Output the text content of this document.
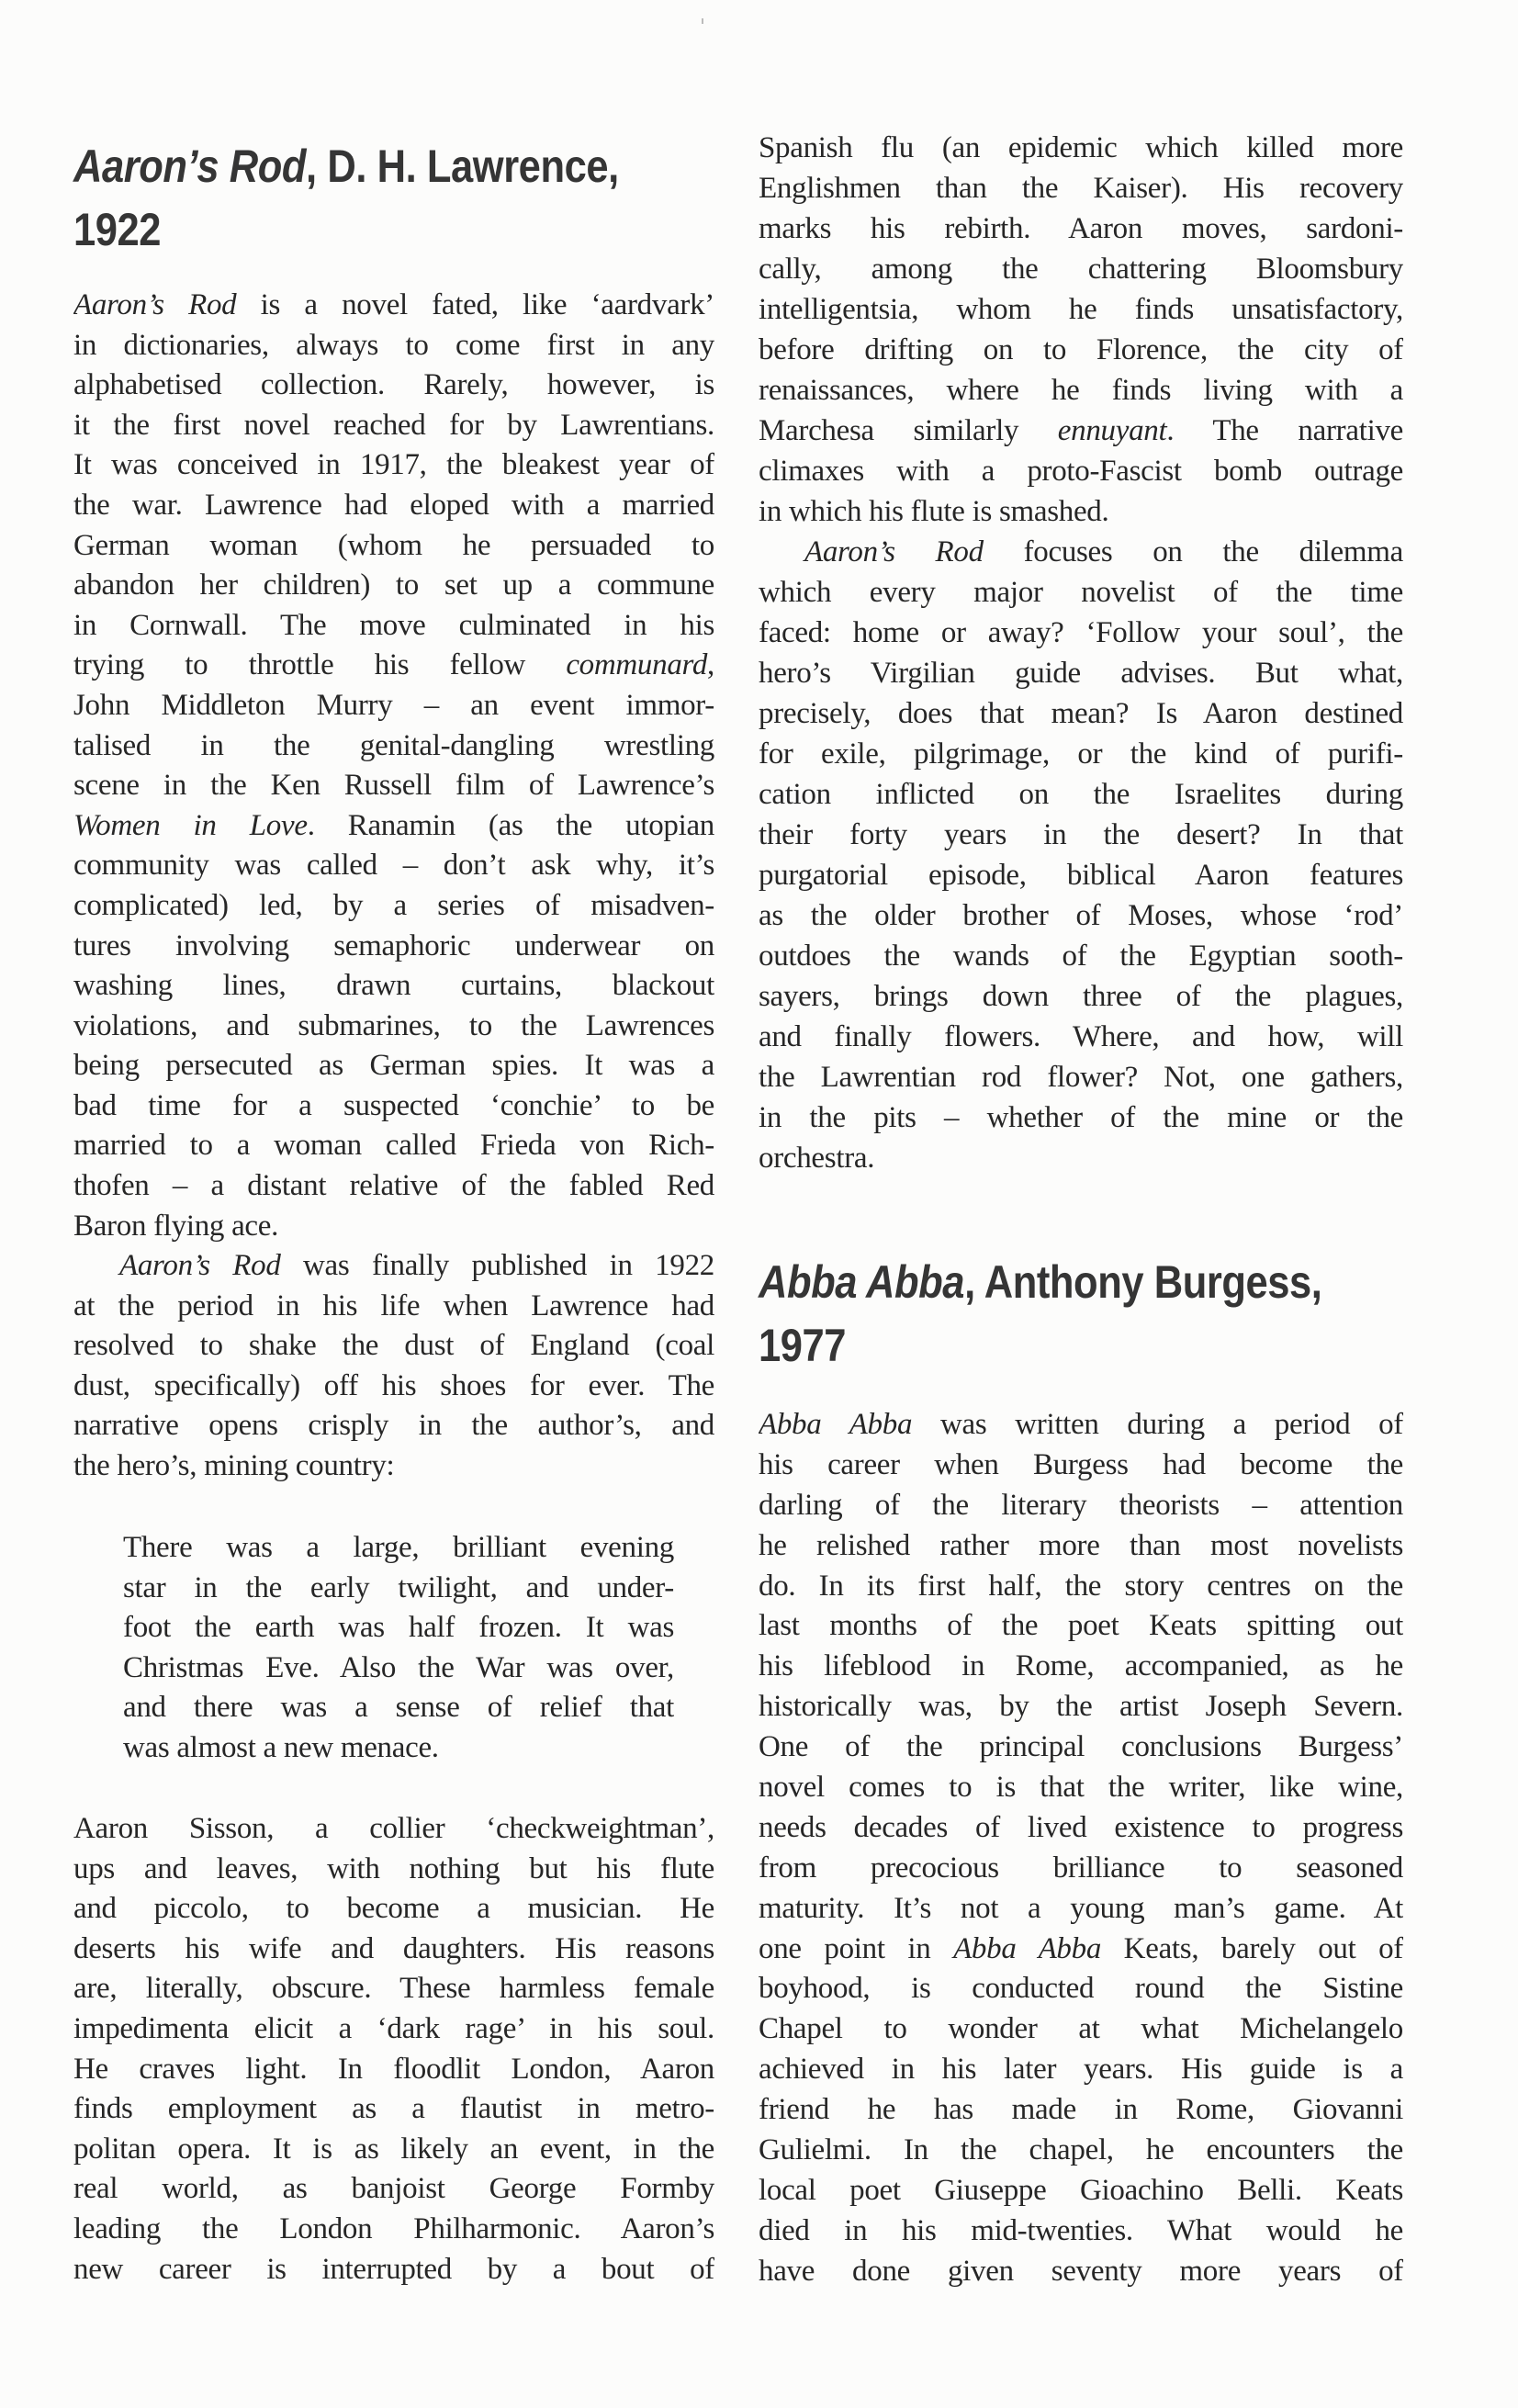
Aaron’s Rod, D. H. Lawrence,
1922
Aaron’s Rod is a novel fated, like ‘aardvark’
in dictionaries, always to come first in any
alphabetised collection. Rarely, however, is
it the first novel reached for by Lawrentians.
It was conceived in 1917, the bleakest year of
the war. Lawrence had eloped with a married
German woman (whom he persuaded to
abandon her children) to set up a commune
in Cornwall. The move culminated in his
trying to throttle his fellow communard,
John Middleton Murry – an event immor-
talised in the genital-dangling wrestling
scene in the Ken Russell film of Lawrence’s
Women in Love. Ranamin (as the utopian
community was called – don’t ask why, it’s
complicated) led, by a series of misadven-
tures involving semaphoric underwear on
washing lines, drawn curtains, blackout
violations, and submarines, to the Lawrences
being persecuted as German spies. It was a
bad time for a suspected ‘conchie’ to be
married to a woman called Frieda von Rich-
thofen – a distant relative of the fabled Red
Baron flying ace.
Aaron’s Rod was finally published in 1922
at the period in his life when Lawrence had
resolved to shake the dust of England (coal
dust, specifically) off his shoes for ever. The
narrative opens crisply in the author’s, and
the hero’s, mining country:
There was a large, brilliant evening
star in the early twilight, and under-
foot the earth was half frozen. It was
Christmas Eve. Also the War was over,
and there was a sense of relief that
was almost a new menace.
Aaron Sisson, a collier ‘checkweightman’,
ups and leaves, with nothing but his flute
and piccolo, to become a musician. He
deserts his wife and daughters. His reasons
are, literally, obscure. These harmless female
impedimenta elicit a ‘dark rage’ in his soul.
He craves light. In floodlit London, Aaron
finds employment as a flautist in metro-
politan opera. It is as likely an event, in the
real world, as banjoist George Formby
leading the London Philharmonic. Aaron’s
new career is interrupted by a bout of
Spanish flu (an epidemic which killed more
Englishmen than the Kaiser). His recovery
marks his rebirth. Aaron moves, sardoni-
cally, among the chattering Bloomsbury
intelligentsia, whom he finds unsatisfactory,
before drifting on to Florence, the city of
renaissances, where he finds living with a
Marchesa similarly ennuyant. The narrative
climaxes with a proto-Fascist bomb outrage
in which his flute is smashed.
Aaron’s Rod focuses on the dilemma
which every major novelist of the time
faced: home or away? ‘Follow your soul’, the
hero’s Virgilian guide advises. But what,
precisely, does that mean? Is Aaron destined
for exile, pilgrimage, or the kind of purifi-
cation inflicted on the Israelites during
their forty years in the desert? In that
purgatorial episode, biblical Aaron features
as the older brother of Moses, whose ‘rod’
outdoes the wands of the Egyptian sooth-
sayers, brings down three of the plagues,
and finally flowers. Where, and how, will
the Lawrentian rod flower? Not, one gathers,
in the pits – whether of the mine or the
orchestra.
Abba Abba, Anthony Burgess,
1977
Abba Abba was written during a period of
his career when Burgess had become the
darling of the literary theorists – attention
he relished rather more than most novelists
do. In its first half, the story centres on the
last months of the poet Keats spitting out
his lifeblood in Rome, accompanied, as he
historically was, by the artist Joseph Severn.
One of the principal conclusions Burgess’
novel comes to is that the writer, like wine,
needs decades of lived existence to progress
from precocious brilliance to seasoned
maturity. It’s not a young man’s game. At
one point in Abba Abba Keats, barely out of
boyhood, is conducted round the Sistine
Chapel to wonder at what Michelangelo
achieved in his later years. His guide is a
friend he has made in Rome, Giovanni
Gulielmi. In the chapel, he encounters the
local poet Giuseppe Gioachino Belli. Keats
died in his mid-twenties. What would he
have done given seventy more years of
